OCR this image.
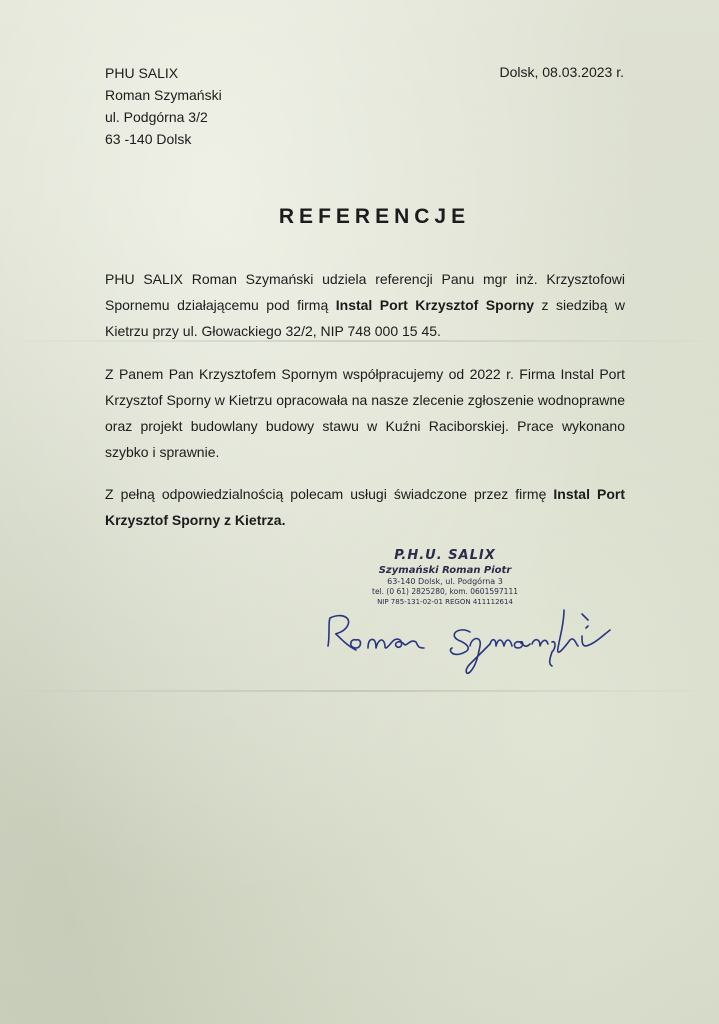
PHU SALIX
Roman Szymański
ul. Podgórna 3/2
63 -140 Dolsk
Dolsk, 08.03.2023 r.
REFERENCJE
PHU SALIX Roman Szymański udziela referencji Panu mgr inż. Krzysztofowi Spornemu działającemu pod firmą Instal Port Krzysztof Sporny z siedzibą w Kietrzu przy ul. Głowackiego 32/2, NIP 748 000 15 45.
Z Panem Pan Krzysztofem Spornym współpracujemy od 2022 r. Firma Instal Port Krzysztof Sporny w Kietrzu opracowała na nasze zlecenie zgłoszenie wodnoprawne oraz projekt budowlany budowy stawu w Kuźni Raciborskiej. Prace wykonano szybko i sprawnie.
Z pełną odpowiedzialnością polecam usługi świadczone przez firmę Instal Port Krzysztof Sporny z Kietrza.
P.H.U. SALIX
Szymański Roman Piotr
63-140 Dolsk, ul. Podgórna 3
tel. (0 61) 2825280, kom. 0601597111
NIP 785-131-02-01 REGON 411112614
